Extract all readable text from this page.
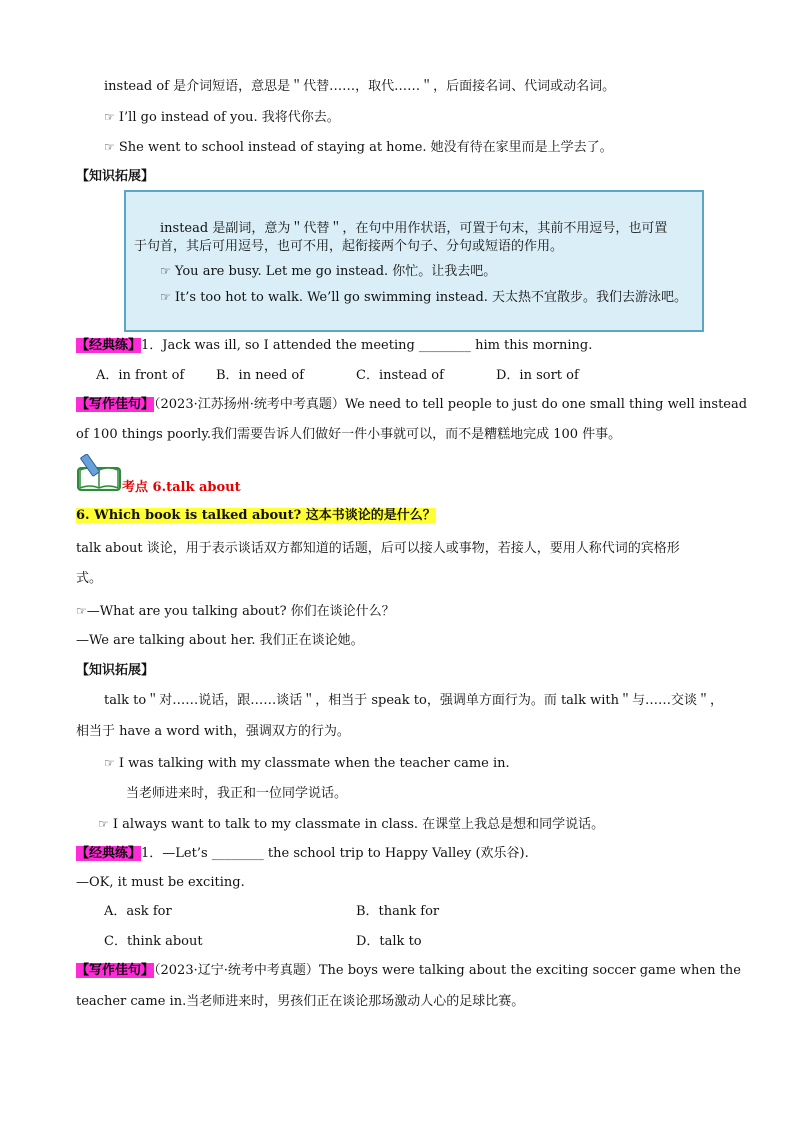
instead of 是介词短语，意思是＂代替……，取代……＂，后面接名词、代词或动名词。
☞ I’ll go instead of you. 我将代你去。
☞ She went to school instead of staying at home. 她没有待在家里而是上学去了。
【知识拓展】
instead 是副词，意为＂代替＂，在句中用作状语，可置于句末，其前不用逗号，也可置
于句首，其后可用逗号，也可不用，起衔接两个句子、分句或短语的作用。
☞ You are busy. Let me go instead. 你忙。让我去吧。
☞ It’s too hot to walk. We’ll go swimming instead. 天太热不宜散步。我们去游泳吧。
【经典练】1．Jack was ill, so I attended the meeting ________ him this morning.
A．in front of B．in need of	C．instead of	D．in sort of
【写作佳句】（2023·江苏扬州·统考中考真题）We need to tell people to just do one small thing well instead
of 100 things poorly.我们需要告诉人们做好一件小事就可以，而不是糟糕地完成 100 件事。
考点 6.talk about
6. Which book is talked about? 这本书谈论的是什么？
talk about 谈论，用于表示谈话双方都知道的话题，后可以接人或事物，若接人，要用人称代词的宾格形
式。
☞—What are you talking about? 你们在谈论什么？
—We are talking about her. 我们正在谈论她。
【知识拓展】
talk to＂对……说话，跟……谈话＂，相当于 speak to，强调单方面行为。而 talk with＂与……交谈＂，
相当于 have a word with，强调双方的行为。
☞ I was talking with my classmate when the teacher came in.
当老师进来时，我正和一位同学说话。
☞ I always want to talk to my classmate in class. 在课堂上我总是想和同学说话。
【经典练】1．—Let’s ________ the school trip to Happy Valley (欢乐谷).
—OK, it must be exciting.
A．ask for	B．thank for
C．think about	D．talk to
【写作佳句】（2023·辽宁·统考中考真题）The boys were talking about the exciting soccer game when the
teacher came in.当老师进来时，男孩们正在谈论那场激动人心的足球比赛。
